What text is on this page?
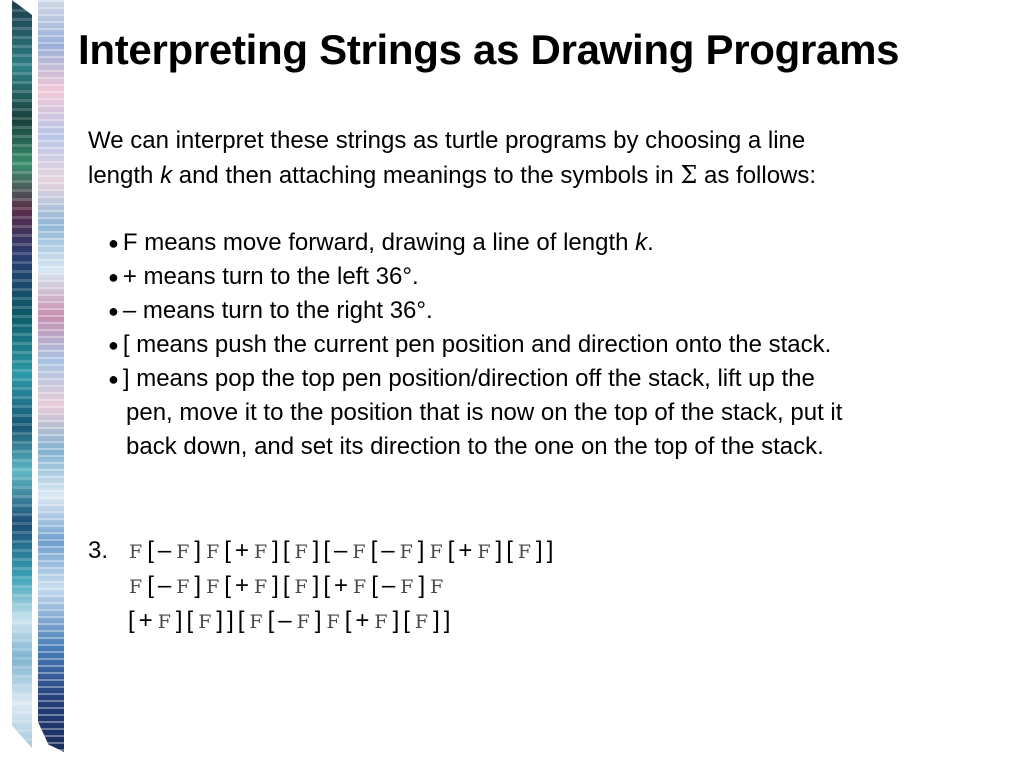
Interpreting Strings as Drawing Programs

We can interpret these strings as turtle programs by choosing a line
length k and then attaching meanings to the symbols in Σ as follows:

● F means move forward, drawing a line of length k.
● + means turn to the left 36°.
● – means turn to the right 36°.
● [ means push the current pen position and direction onto the stack.
● ] means pop the top pen position/direction off the stack, lift up the
pen, move it to the position that is now on the top of the stack, put it
back down, and set its direction to the one on the top of the stack.
3. F [ – F ] F [ + F ] [ F ] [ – F [ – F ] F [ + F ] [ F ] ]
F [ – F ] F [ + F ] [ F ] [ + F [ – F ] F
[ + F ] [ F ] ] [ F [ – F ] F [ + F ] [ F ] ]
